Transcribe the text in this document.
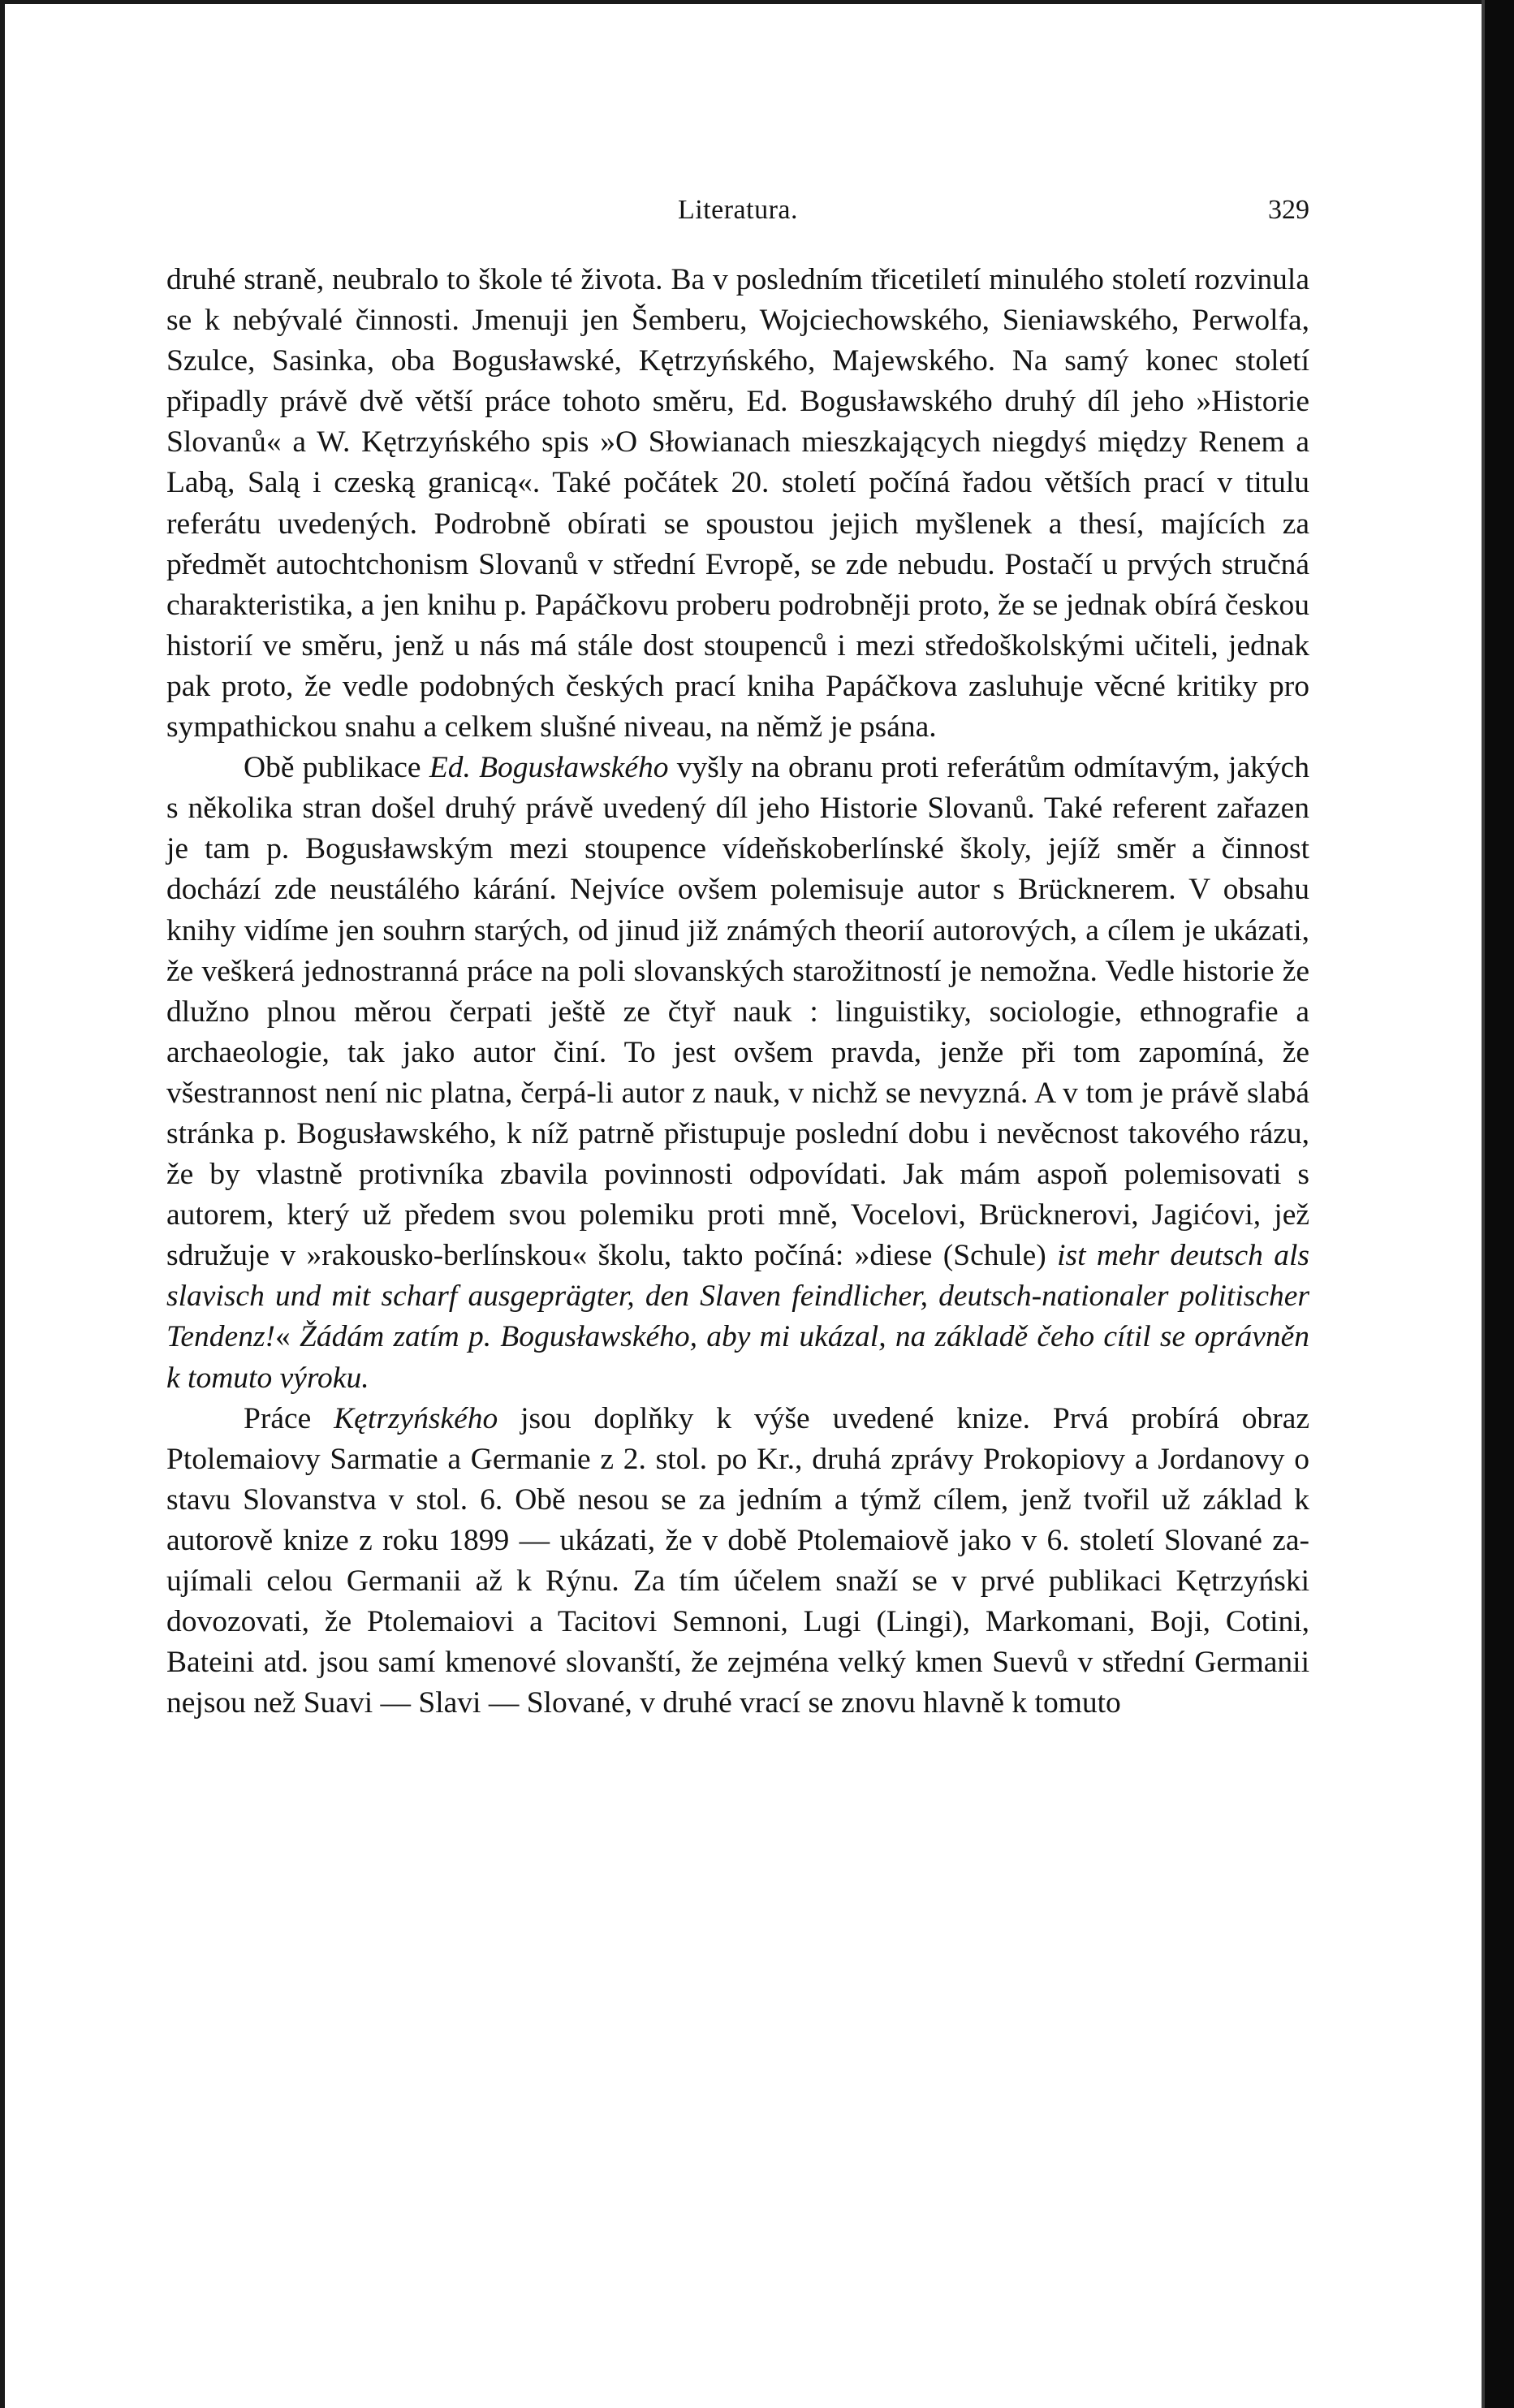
Literatura.	329

druhé straně, neubralo to škole té života. Ba v posledním třicetiletí minulého století rozvinula se k nebývalé činnosti. Jmenuji jen Šemberu, Wojciechowského, Sieniawského, Perwolfa, Szulce, Sasinka, oba Bogusławské, Kętrzyńského, Majewského. Na samý konec století připadly právě dvě větší práce tohoto směru, Ed. Bogusławského druhý díl jeho »Historie Slovanů« a W. Kętrzyńského spis »O Słowianach mieszkających niegdyś między Renem a Labą, Salą i czeską granicą«. Také počátek 20. století počíná řadou větších prací v titulu referátu uvedených. Podrobně obírati se spoustou jejich myšlenek a thesí, majících za předmět autochtchonism Slovanů v střední Evropě, se zde nebudu. Postačí u prvých stručná charakteristika, a jen knihu p. Papáčkovu proberu podrobněji proto, že se jednak obírá českou historií ve směru, jenž u nás má stále dost stoupenců i mezi středoškolskými učiteli, jednak pak proto, že vedle podobných českých prací kniha Papáčkova zasluhuje věcné kritiky pro sympathickou snahu a celkem slušné niveau, na němž je psána.

Obě publikace Ed. Bogusławského vyšly na obranu proti referátům odmítavým, jakých s několika stran došel druhý právě uvedený díl jeho Historie Slovanů. Také referent zařazen je tam p. Bogusławským mezi stoupence vídeňskoberlínské školy, jejíž směr a činnost dochází zde neustálého kárání. Nejvíce ovšem polemisuje autor s Brücknerem. V obsahu knihy vidíme jen souhrn starých, od jinud již známých theorií autorových, a cílem je ukázati, že veškerá jednostranná práce na poli slovanských starožitností je nemožna. Vedle historie že dlužno plnou měrou čerpati ještě ze čtyř nauk : linguistiky, sociologie, ethnografie a archaeologie, tak jako autor činí. To jest ovšem pravda, jenže při tom zapomíná, že všestrannost není nic platna, čerpá-li autor z nauk, v nichž se nevyzná. A v tom je právě slabá stránka p. Bogusławského, k níž patrně přistupuje poslední dobu i nevěcnost takového rázu, že by vlastně protivníka zbavila povinnosti odpovídati. Jak mám aspoň polemisovati s autorem, který už předem svou polemiku proti mně, Vocelovi, Brücknerovi, Jagićovi, jež sdružuje v »rakousko-berlínskou« školu, takto počíná: »diese (Schule) ist mehr deutsch als slavisch und mit scharf ausgeprägter, den Slaven feindlicher, deutsch-nationaler politischer Tendenz!« Žádám zatím p. Bogusławského, aby mi ukázal, na základě čeho cítil se oprávněn k tomuto výroku.

Práce Kętrzyńského jsou doplňky k výše uvedené knize. Prvá probírá obraz Ptolemaiovy Sarmatie a Germanie z 2. stol. po Kr., druhá zprávy Prokopiovy a Jordanovy o stavu Slovanstva v stol. 6. Obě nesou se za jedním a týmž cílem, jenž tvořil už základ k autorově knize z roku 1899 — ukázati, že v době Ptolemaiově jako v 6. století Slované zaujímali celou Germanii až k Rýnu. Za tím účelem snaží se v prvé publikaci Kętrzyński dovozovati, že Ptolemaiovi a Tacitovi Semnoni, Lugi (Lingi), Markomani, Boji, Cotini, Bateini atd. jsou samí kmenové slovanští, že zejména velký kmen Suevů v střední Germanii nejsou než Suavi — Slavi — Slované, v druhé vrací se znovu hlavně k tomuto
